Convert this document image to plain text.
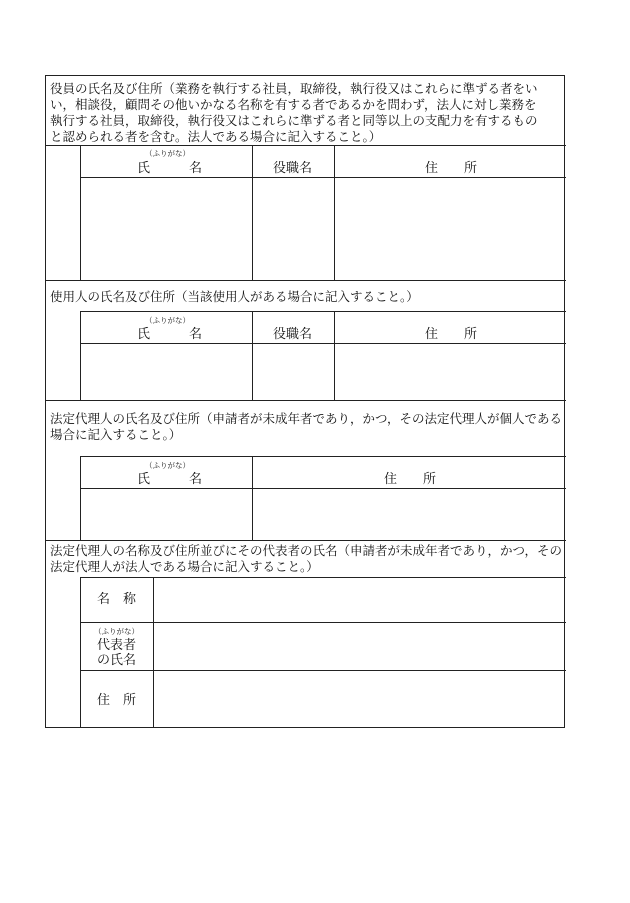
役員の氏名及び住所（業務を執行する社員，取締役，執行役又はこれらに準ずる者をい
い，相談役，顧問その他いかなる名称を有する者であるかを問わず，法人に対し業務を
執行する社員，取締役，執行役又はこれらに準ずる者と同等以上の支配力を有するもの
と認められる者を含む。法人である場合に記入すること。）
（ふりがな）
氏　　　名	役職名	住　　所
使用人の氏名及び住所（当該使用人がある場合に記入すること。）
（ふりがな）
氏　　　名	役職名	住　　所
法定代理人の氏名及び住所（申請者が未成年者であり，かつ，その法定代理人が個人である場合に記入すること。）
（ふりがな）
氏　　　名	住　　所
法定代理人の名称及び住所並びにその代表者の氏名（申請者が未成年者であり，かつ，その法定代理人が法人である場合に記入すること。）
名　称
（ふりがな）
代表者
の氏名
住　所
